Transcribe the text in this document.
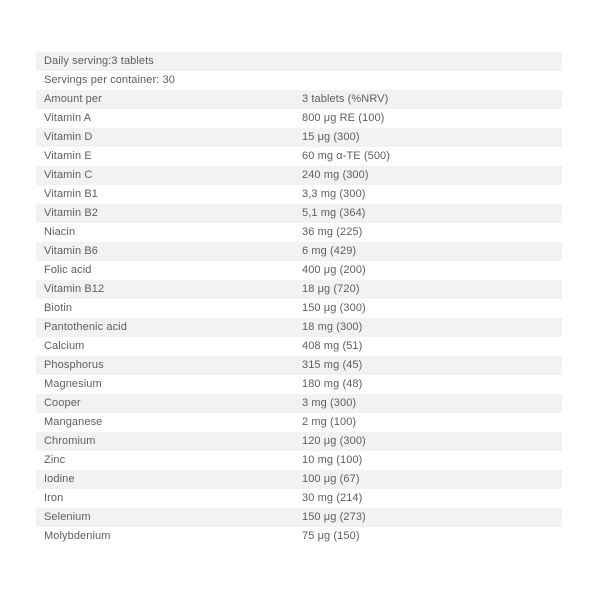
Daily serving:3 tablets
Servings per container: 30
Amount per	3 tablets (%NRV)
Vitamin A	800 μg RE (100)
Vitamin D	15 μg (300)
Vitamin E	60 mg α-TE (500)
Vitamin C	240 mg (300)
Vitamin B1	3,3 mg (300)
Vitamin B2	5,1 mg (364)
Niacin	36 mg (225)
Vitamin B6	6 mg (429)
Folic acid	400 μg (200)
Vitamin B12	18 μg (720)
Biotin	150 μg (300)
Pantothenic acid	18 mg (300)
Calcium	408 mg (51)
Phosphorus	315 mg (45)
Magnesium	180 mg (48)
Cooper	3 mg (300)
Manganese	2 mg (100)
Chromium	120 μg (300)
Zinc	10 mg (100)
Iodine	100 μg (67)
Iron	30 mg (214)
Selenium	150 μg (273)
Molybdenium	75 μg (150)
